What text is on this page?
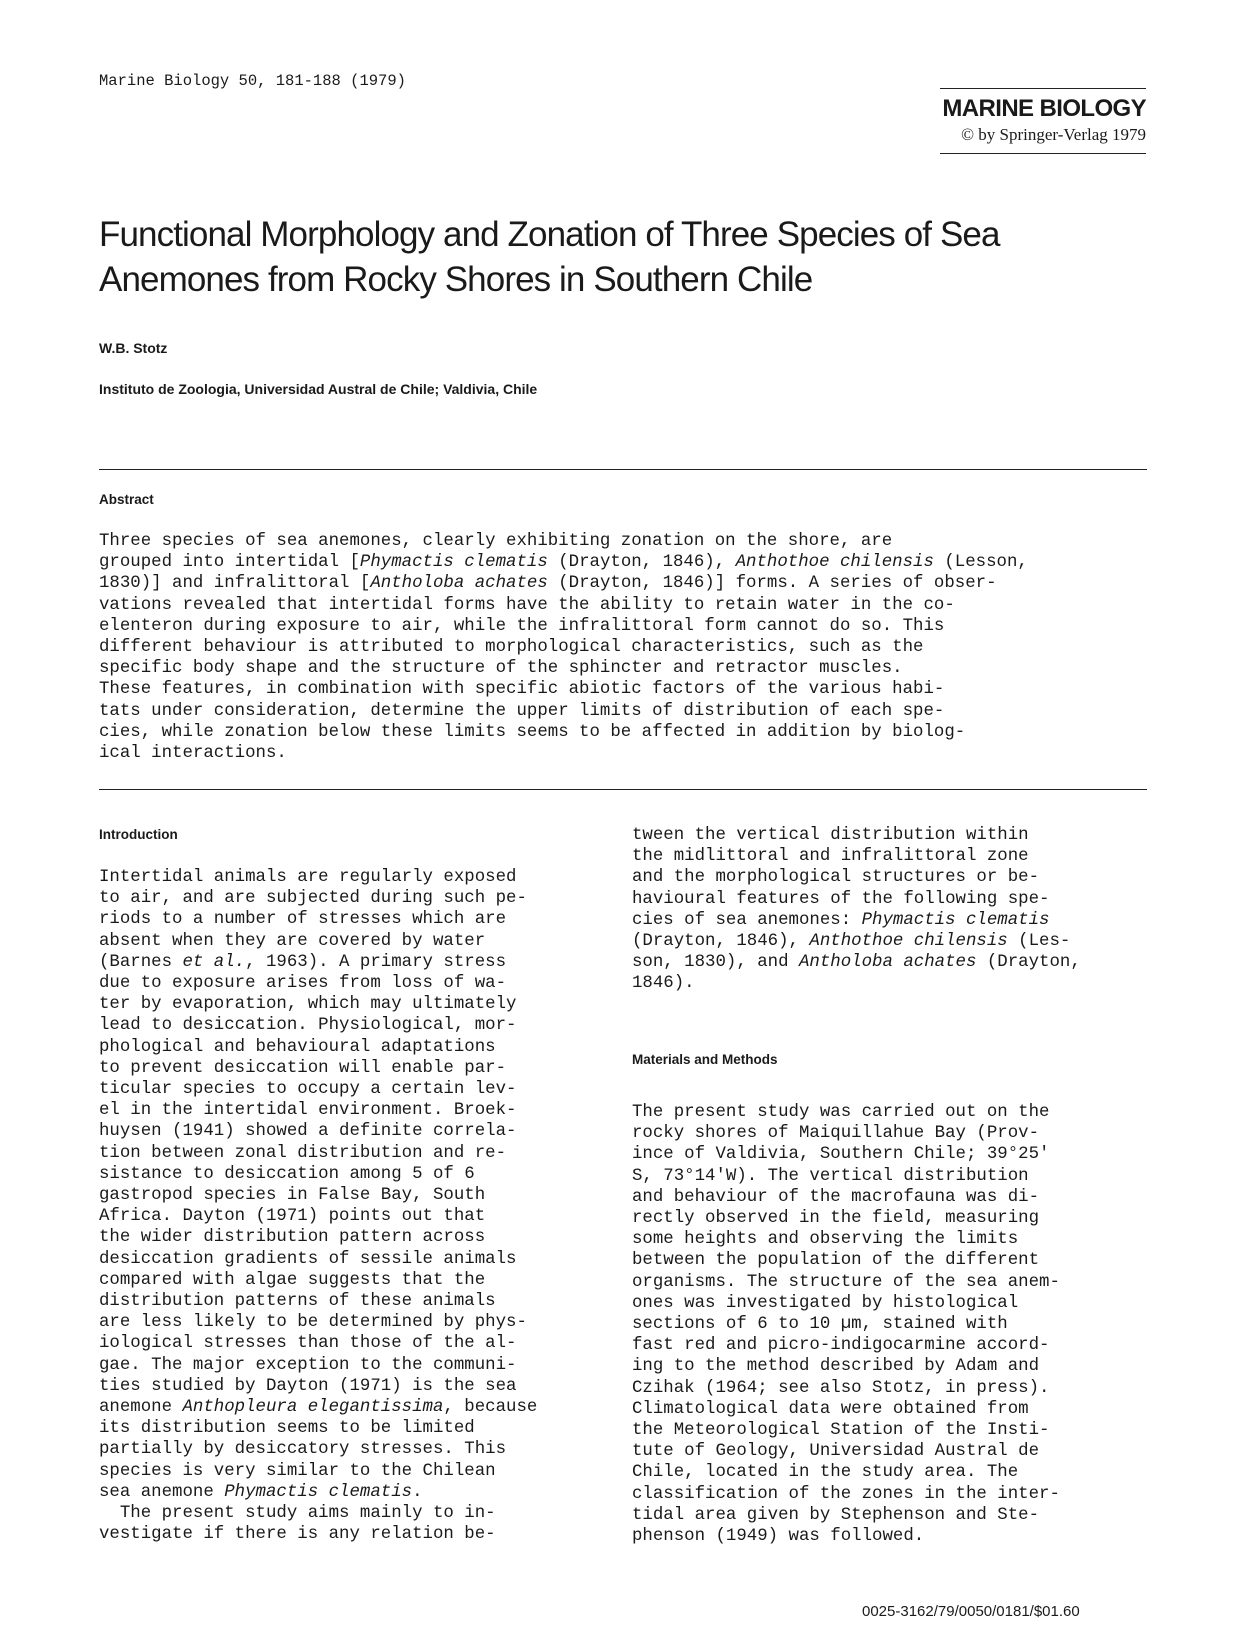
Marine Biology 50, 181-188 (1979)
MARINE BIOLOGY
© by Springer-Verlag 1979
Functional Morphology and Zonation of Three Species of Sea Anemones from Rocky Shores in Southern Chile
W.B. Stotz
Instituto de Zoologia, Universidad Austral de Chile; Valdivia, Chile
Abstract
Three species of sea anemones, clearly exhibiting zonation on the shore, are
grouped into intertidal [Phymactis clematis (Drayton, 1846), Anthothoe chilensis (Lesson,
1830)] and infralittoral [Antholoba achates (Drayton, 1846)] forms. A series of obser-
vations revealed that intertidal forms have the ability to retain water in the co-
elenteron during exposure to air, while the infralittoral form cannot do so. This
different behaviour is attributed to morphological characteristics, such as the
specific body shape and the structure of the sphincter and retractor muscles.
These features, in combination with specific abiotic factors of the various habi-
tats under consideration, determine the upper limits of distribution of each spe-
cies, while zonation below these limits seems to be affected in addition by biolog-
ical interactions.
Introduction
Intertidal animals are regularly exposed
to air, and are subjected during such pe-
riods to a number of stresses which are
absent when they are covered by water
(Barnes et al., 1963). A primary stress
due to exposure arises from loss of wa-
ter by evaporation, which may ultimately
lead to desiccation. Physiological, mor-
phological and behavioural adaptations
to prevent desiccation will enable par-
ticular species to occupy a certain lev-
el in the intertidal environment. Broek-
huysen (1941) showed a definite correla-
tion between zonal distribution and re-
sistance to desiccation among 5 of 6
gastropod species in False Bay, South
Africa. Dayton (1971) points out that
the wider distribution pattern across
desiccation gradients of sessile animals
compared with algae suggests that the
distribution patterns of these animals
are less likely to be determined by phys-
iological stresses than those of the al-
gae. The major exception to the communi-
ties studied by Dayton (1971) is the sea
anemone Anthopleura elegantissima, because
its distribution seems to be limited
partially by desiccatory stresses. This
species is very similar to the Chilean
sea anemone Phymactis clematis.
The present study aims mainly to in-
vestigate if there is any relation be-
tween the vertical distribution within
the midlittoral and infralittoral zone
and the morphological structures or be-
havioural features of the following spe-
cies of sea anemones: Phymactis clematis
(Drayton, 1846), Anthothoe chilensis (Les-
son, 1830), and Antholoba achates (Drayton,
1846).
Materials and Methods
The present study was carried out on the
rocky shores of Maiquillahue Bay (Prov-
ince of Valdivia, Southern Chile; 39°25'
S, 73°14'W). The vertical distribution
and behaviour of the macrofauna was di-
rectly observed in the field, measuring
some heights and observing the limits
between the population of the different
organisms. The structure of the sea anem-
ones was investigated by histological
sections of 6 to 10 µm, stained with
fast red and picro-indigocarmine accord-
ing to the method described by Adam and
Czihak (1964; see also Stotz, in press).
Climatological data were obtained from
the Meteorological Station of the Insti-
tute of Geology, Universidad Austral de
Chile, located in the study area. The
classification of the zones in the inter-
tidal area given by Stephenson and Ste-
phenson (1949) was followed.
0025-3162/79/0050/0181/$01.60
